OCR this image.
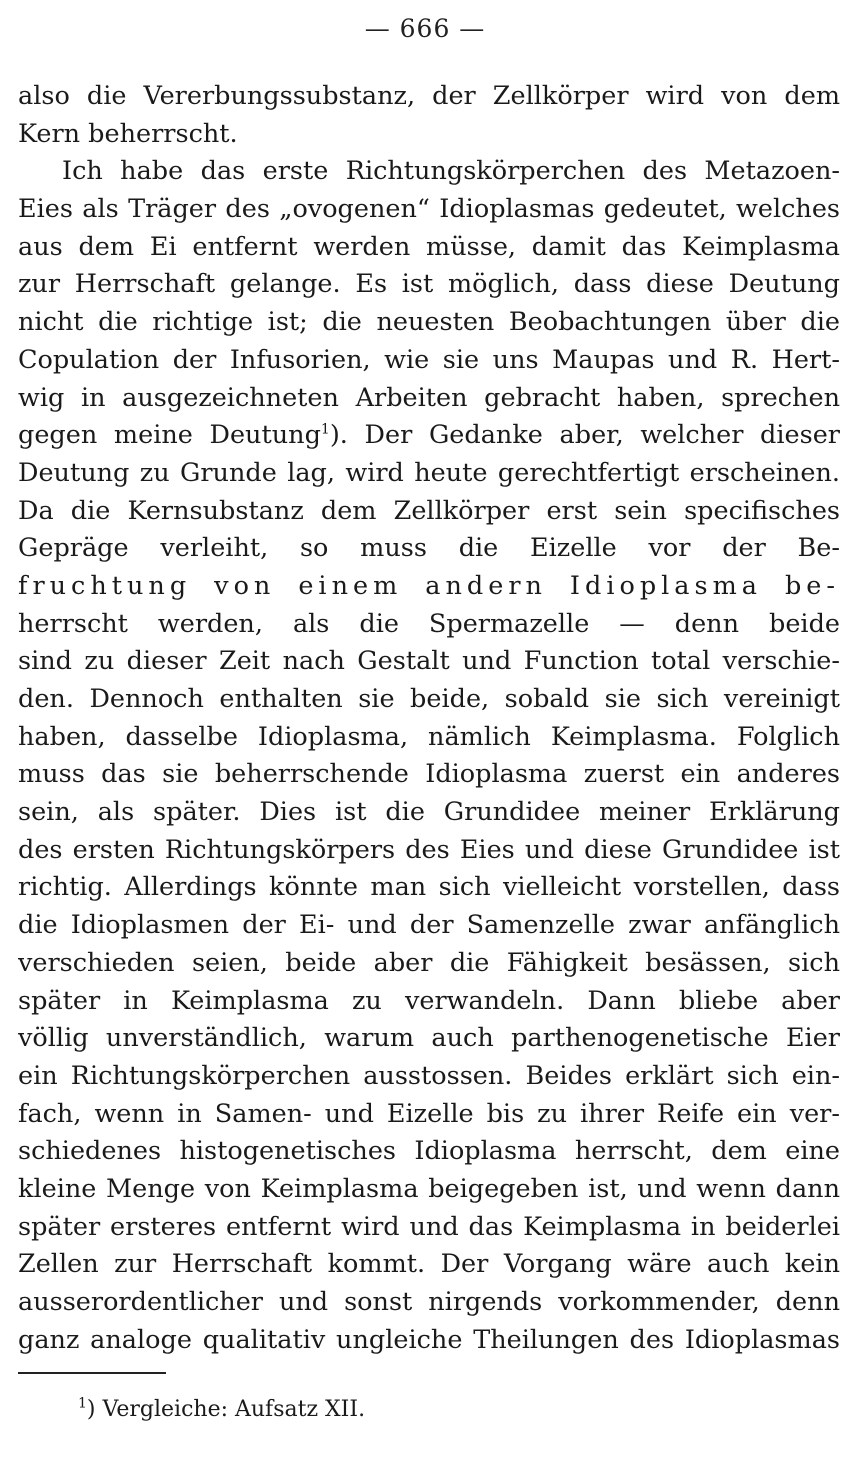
— 666 —
also die Vererbungssubstanz, der Zellkörper wird von dem
Kern beherrscht.
Ich habe das erste Richtungskörperchen des Metazoen-
Eies als Träger des „ovogenen“ Idioplasmas gedeutet, welches
aus dem Ei entfernt werden müsse, damit das Keimplasma
zur Herrschaft gelange. Es ist möglich, dass diese Deutung
nicht die richtige ist; die neuesten Beobachtungen über die
Copulation der Infusorien, wie sie uns Maupas und R. Hert-
wig in ausgezeichneten Arbeiten gebracht haben, sprechen
gegen meine Deutung$^1$). Der Gedanke aber, welcher dieser
Deutung zu Grunde lag, wird heute gerechtfertigt erscheinen.
Da die Kernsubstanz dem Zellkörper erst sein specifisches
Gepräge verleiht, so muss die Eizelle vor der Be-
fruchtung von einem andern Idioplasma be-
herrscht werden, als die Spermazelle — denn beide
sind zu dieser Zeit nach Gestalt und Function total verschie-
den. Dennoch enthalten sie beide, sobald sie sich vereinigt
haben, dasselbe Idioplasma, nämlich Keimplasma. Folglich
muss das sie beherrschende Idioplasma zuerst ein anderes
sein, als später. Dies ist die Grundidee meiner Erklärung
des ersten Richtungskörpers des Eies und diese Grundidee ist
richtig. Allerdings könnte man sich vielleicht vorstellen, dass
die Idioplasmen der Ei- und der Samenzelle zwar anfänglich
verschieden seien, beide aber die Fähigkeit besässen, sich
später in Keimplasma zu verwandeln. Dann bliebe aber
völlig unverständlich, warum auch parthenogenetische Eier
ein Richtungskörperchen ausstossen. Beides erklärt sich ein-
fach, wenn in Samen- und Eizelle bis zu ihrer Reife ein ver-
schiedenes histogenetisches Idioplasma herrscht, dem eine
kleine Menge von Keimplasma beigegeben ist, und wenn dann
später ersteres entfernt wird und das Keimplasma in beiderlei
Zellen zur Herrschaft kommt. Der Vorgang wäre auch kein
ausserordentlicher und sonst nirgends vorkommender, denn
ganz analoge qualitativ ungleiche Theilungen des Idioplasmas
$^1$) Vergleiche: Aufsatz XII.
